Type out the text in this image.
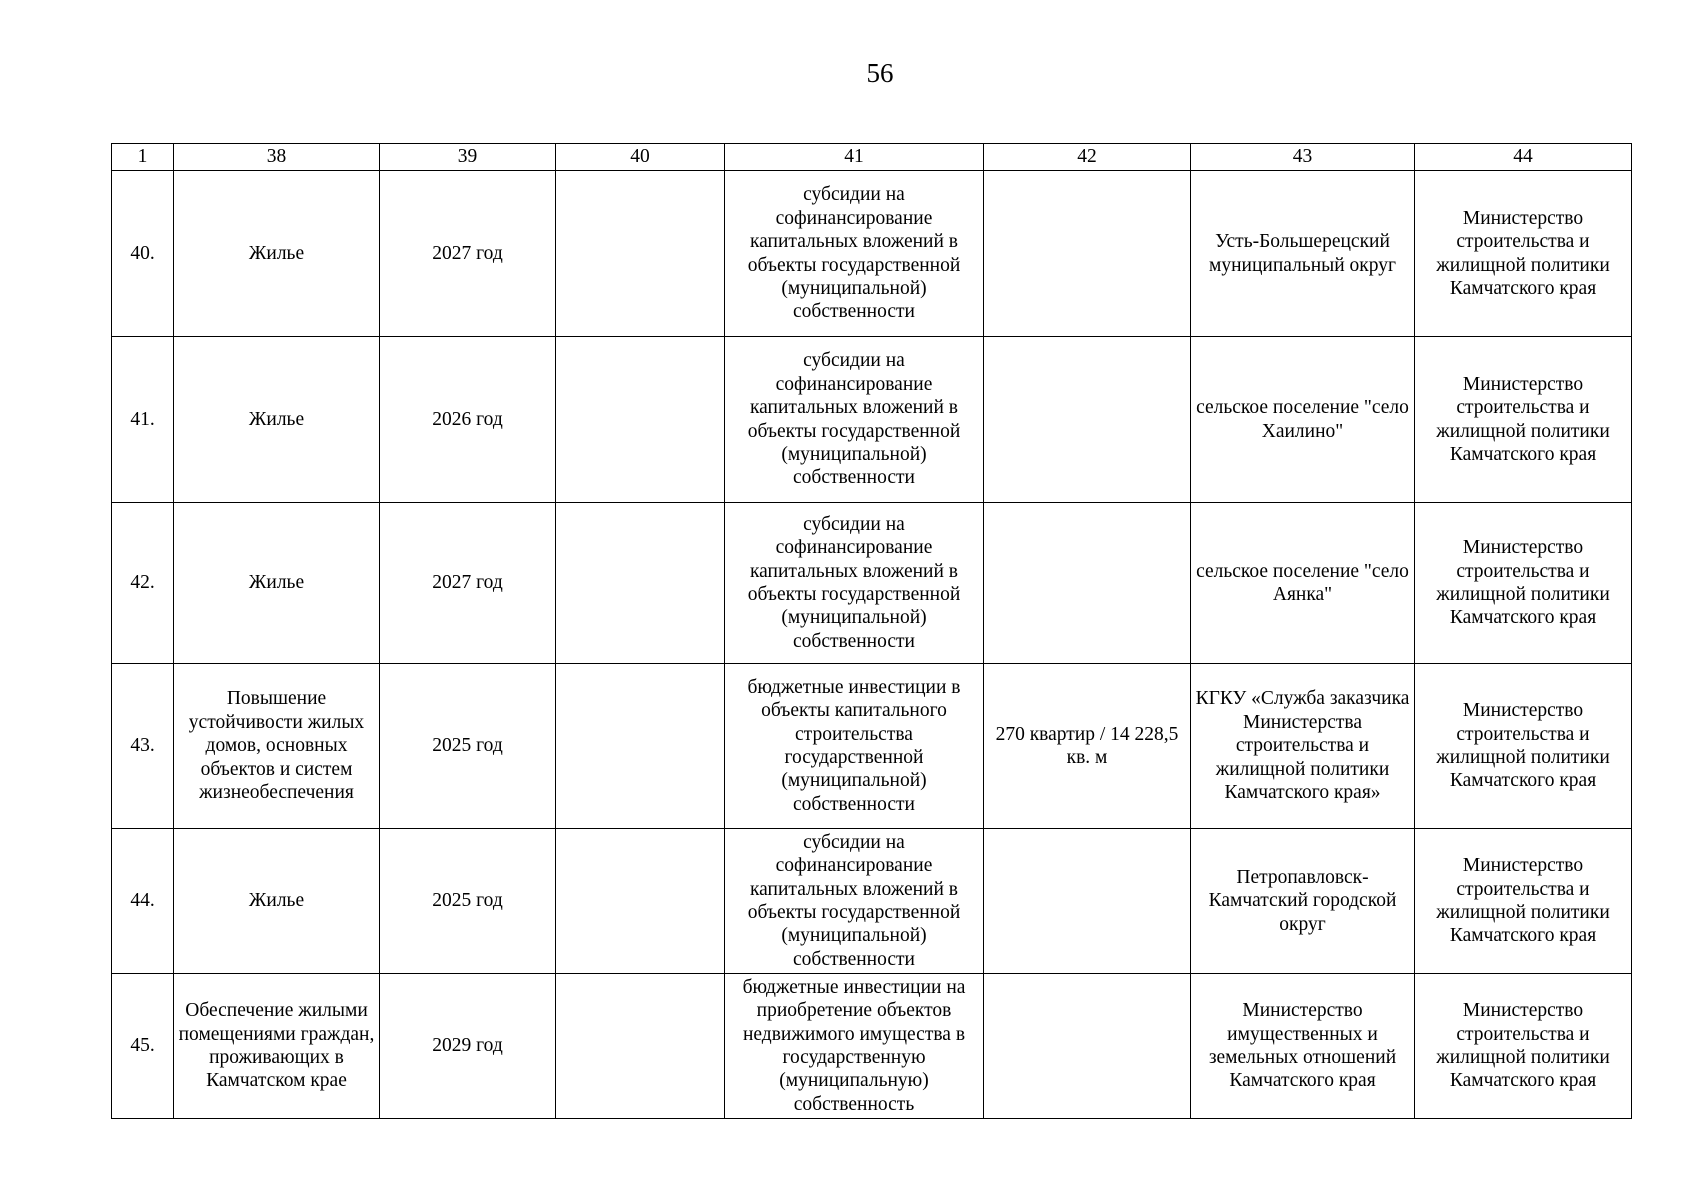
56
1	38	39	40	41	42	43	44
40.	Жилье	2027 год		субсидии на софинансирование капитальных вложений в объекты государственной (муниципальной) собственности		Усть-Большерецский муниципальный округ	Министерство строительства и жилищной политики Камчатского края
41.	Жилье	2026 год		субсидии на софинансирование капитальных вложений в объекты государственной (муниципальной) собственности		сельское поселение "село Хаилино"	Министерство строительства и жилищной политики Камчатского края
42.	Жилье	2027 год		субсидии на софинансирование капитальных вложений в объекты государственной (муниципальной) собственности		сельское поселение "село Аянка"	Министерство строительства и жилищной политики Камчатского края
43.	Повышение устойчивости жилых домов, основных объектов и систем жизнеобеспечения	2025 год		бюджетные инвестиции в объекты капитального строительства государственной (муниципальной) собственности	270 квартир / 14 228,5 кв. м	КГКУ «Служба заказчика Министерства строительства и жилищной политики Камчатского края»	Министерство строительства и жилищной политики Камчатского края
44.	Жилье	2025 год		субсидии на софинансирование капитальных вложений в объекты государственной (муниципальной) собственности		Петропавловск-Камчатский городской округ	Министерство строительства и жилищной политики Камчатского края
45.	Обеспечение жилыми помещениями граждан, проживающих в Камчатском крае	2029 год		бюджетные инвестиции на приобретение объектов недвижимого имущества в государственную (муниципальную) собственность		Министерство имущественных и земельных отношений Камчатского края	Министерство строительства и жилищной политики Камчатского края
